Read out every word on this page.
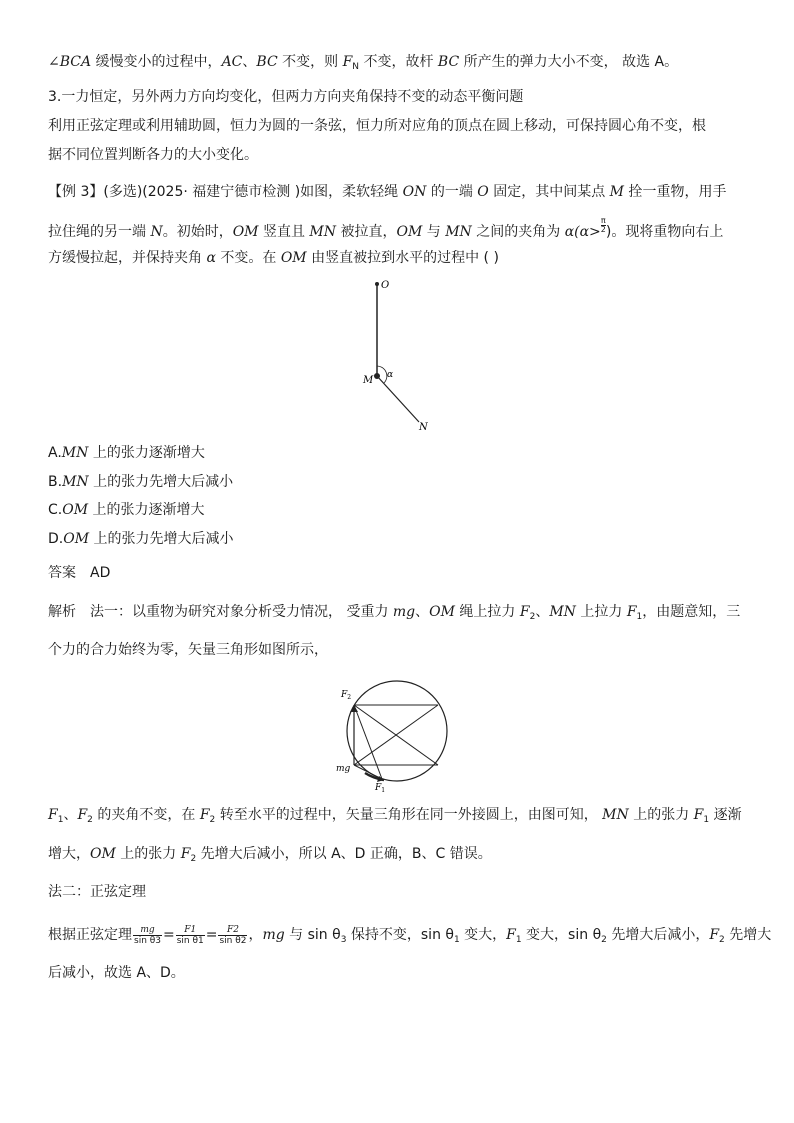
∠BCA 缓慢变小的过程中，AC、BC 不变，则 $F_N$ 不变，故杆 BC 所产生的弹力大小不变， 故选 A。
3.一力恒定，另外两力方向均变化，但两力方向夹角保持不变的动态平衡问题
利用正弦定理或利用辅助圆，恒力为圆的一条弦，恒力所对应角的顶点在圆上移动，可保持圆心角不变，根
据不同位置判断各力的大小变化。
【例 3】(多选)(2025· 福建宁德市检测 )如图，柔软轻绳 ON 的一端 O 固定，其中间某点 M 拴一重物，用手
拉住绳的另一端 N。初始时，OM 竖直且 MN 被拉直，OM 与 MN 之间的夹角为 $\alpha(\alpha> \frac{\pi}{2}$ )。现将重物向右上
方缓慢拉起，并保持夹角 α 不变。在 OM 由竖直被拉到水平的过程中 ( )
O
M α
N
A.MN 上的张力逐渐增大
B.MN 上的张力先增大后减小
C.OM 上的张力逐渐增大
D.OM 上的张力先增大后减小
答案 AD
解析 法一：以重物为研究对象分析受力情况， 受重力 mg、OM 绳上拉力 $F_2$、MN 上拉力 $F_1$，由题意知，三
个力的合力始终为零，矢量三角形如图所示，
$F_2$
mg
$F_1$
$F_1$、$F_2$ 的夹角不变，在 $F_2$ 转至水平的过程中，矢量三角形在同一外接圆上，由图可知， MN 上的张力 $F_1$ 逐渐
增大，OM 上的张力 $F_2$ 先增大后减小，所以 A、D 正确，B、C 错误。
法二：正弦定理
根据正弦定理 $\frac{mg}{\text{sin θ3}} = \frac{F1}{\text{sin θ1}} = \frac{F2}{\text{sin θ2}}$ ，mg 与 $\sin \theta_3$ 保持不变，$\sin \theta_1$ 变大，$F_1$ 变大，$\sin \theta_2$ 先增大后减小，$F_2$ 先增大
后减小，故选 A、D。
